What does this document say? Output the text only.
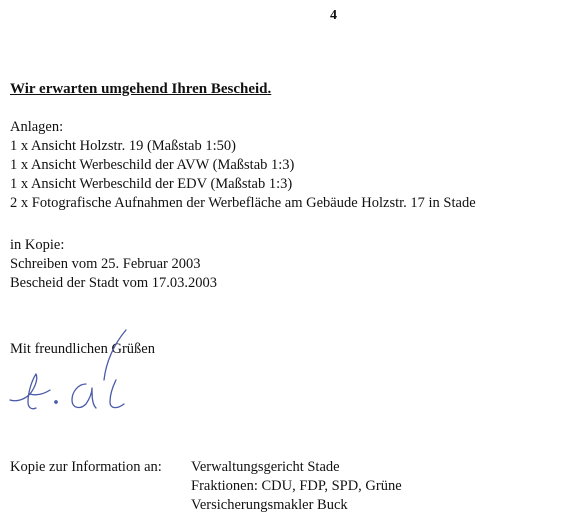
4
Wir erwarten umgehend Ihren Bescheid.
Anlagen:
1 x Ansicht Holzstr. 19 (Maßstab 1:50)
1 x Ansicht Werbeschild der AVW (Maßstab 1:3)
1 x Ansicht Werbeschild der EDV (Maßstab 1:3)
2 x Fotografische Aufnahmen der Werbefläche am Gebäude Holzstr. 17 in Stade
in Kopie:
Schreiben vom 25. Februar 2003
Bescheid der Stadt vom 17.03.2003
Mit freundlichen Grüßen
Kopie zur Information an: Verwaltungsgericht Stade
Fraktionen: CDU, FDP, SPD, Grüne
Versicherungsmakler Buck
